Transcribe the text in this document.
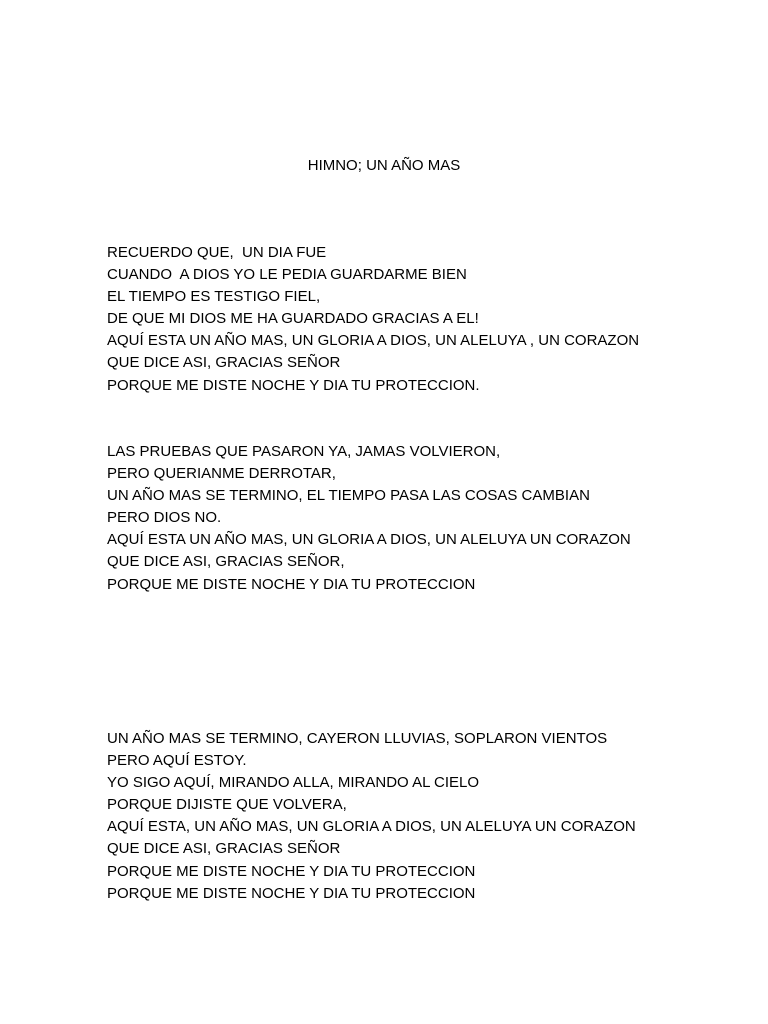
HIMNO; UN AÑO MAS
RECUERDO QUE,  UN DIA FUE
CUANDO  A DIOS YO LE PEDIA GUARDARME BIEN
EL TIEMPO ES TESTIGO FIEL,
DE QUE MI DIOS ME HA GUARDADO GRACIAS A EL!
AQUÍ ESTA UN AÑO MAS, UN GLORIA A DIOS, UN ALELUYA , UN CORAZON
QUE DICE ASI, GRACIAS SEÑOR
PORQUE ME DISTE NOCHE Y DIA TU PROTECCION.
LAS PRUEBAS QUE PASARON YA, JAMAS VOLVIERON,
PERO QUERIANME DERROTAR,
UN AÑO MAS SE TERMINO, EL TIEMPO PASA LAS COSAS CAMBIAN
PERO DIOS NO.
AQUÍ ESTA UN AÑO MAS, UN GLORIA A DIOS, UN ALELUYA UN CORAZON
QUE DICE ASI, GRACIAS SEÑOR,
PORQUE ME DISTE NOCHE Y DIA TU PROTECCION
UN AÑO MAS SE TERMINO, CAYERON LLUVIAS, SOPLARON VIENTOS
PERO AQUÍ ESTOY.
YO SIGO AQUÍ, MIRANDO ALLA, MIRANDO AL CIELO
PORQUE DIJISTE QUE VOLVERA,
AQUÍ ESTA, UN AÑO MAS, UN GLORIA A DIOS, UN ALELUYA UN CORAZON
QUE DICE ASI, GRACIAS SEÑOR
PORQUE ME DISTE NOCHE Y DIA TU PROTECCION
PORQUE ME DISTE NOCHE Y DIA TU PROTECCION
